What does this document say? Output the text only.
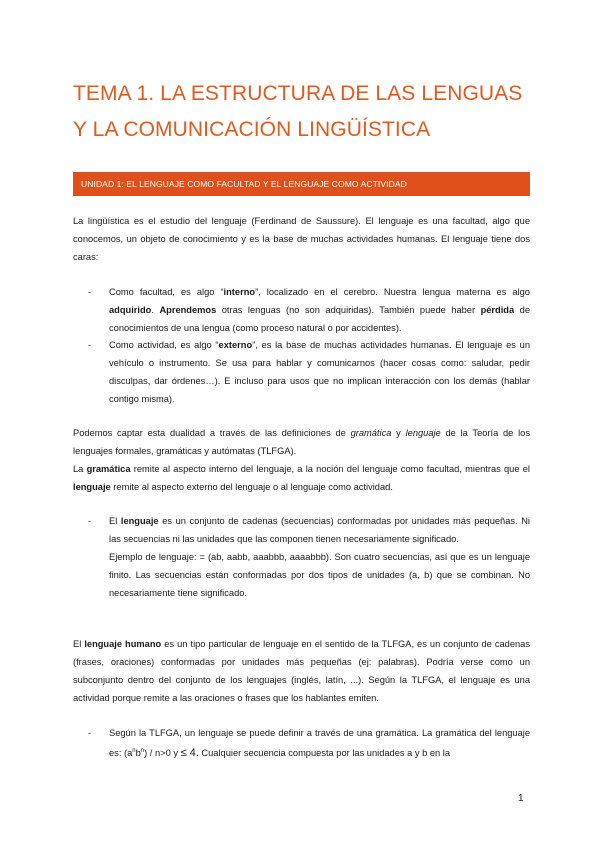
TEMA 1. LA ESTRUCTURA DE LAS LENGUAS
Y LA COMUNICACIÓN LINGÜÍSTICA
UNIDAD 1: EL LENGUAJE COMO FACULTAD Y EL LENGUAJE COMO ACTIVIDAD

La lingüística es el estudio del lenguaje (Ferdinand de Saussure). El lenguaje es una facultad, algo que conocemos, un objeto de conocimiento y es la base de muchas actividades humanas. El lenguaje tiene dos caras:

- Como facultad, es algo “interno”, localizado en el cerebro. Nuestra lengua materna es algo adquirido. Aprendemos otras lenguas (no son adquiridas). También puede haber pérdida de conocimientos de una lengua (como proceso natural o por accidentes).

- Como actividad, es algo “externo”, es la base de muchas actividades humanas. El lenguaje es un vehículo o instrumento. Se usa para hablar y comunicarnos (hacer cosas como: saludar, pedir disculpas, dar órdenes…). E incluso para usos que no implican interacción con los demás (hablar contigo misma).

Podemos captar esta dualidad a través de las definiciones de gramática y lenguaje de la Teoría de los lenguajes formales, gramáticas y autómatas (TLFGA).

La gramática remite al aspecto interno del lenguaje, a la noción del lenguaje como facultad, mientras que el lenguaje remite al aspecto externo del lenguaje o al lenguaje como actividad.

- El lenguaje es un conjunto de cadenas (secuencias) conformadas por unidades más pequeñas. Ni las secuencias ni las unidades que las componen tienen necesariamente significado.
Ejemplo de lenguaje: = (ab, aabb, aaabbb, aaaabbb). Son cuatro secuencias, así que es un lenguaje finito. Las secuencias están conformadas por dos tipos de unidades (a, b) que se combinan. No necesariamente tiene significado.

El lenguaje humano es un tipo particular de lenguaje en el sentido de la TLFGA, es un conjunto de cadenas (frases, oraciones) conformadas por unidades más pequeñas (ej: palabras). Podría verse como un subconjunto dentro del conjunto de los lenguajes (inglés, latín, ...). Según la TLFGA, el lenguaje es una actividad porque remite a las oraciones o frases que los hablantes emiten.

- Según la TLFGA, un lenguaje se puede definir a través de una gramática. La gramática del lenguaje es: $(a^nb^n) / n>0$ y ≤ 4. Cualquier secuencia compuesta por las unidades a y b en la

1
